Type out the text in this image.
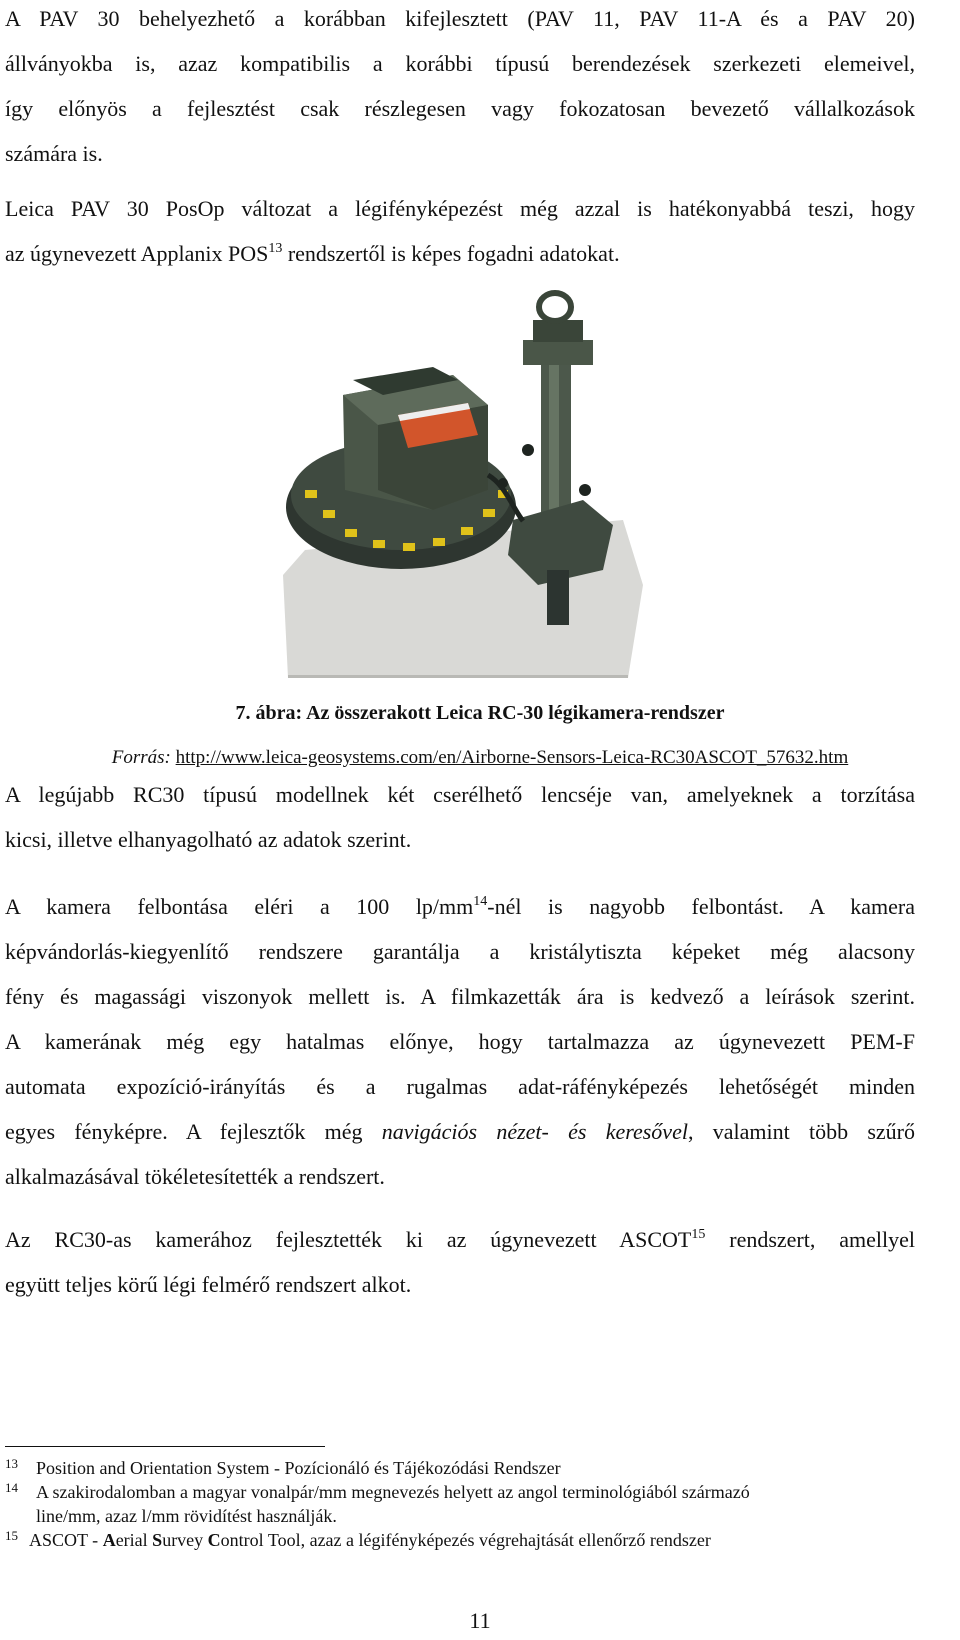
A PAV 30 behelyezhető a korábban kifejlesztett (PAV 11, PAV 11-A és a PAV 20)
állványokba is, azaz kompatibilis a korábbi típusú berendezések szerkezeti elemeivel,
így előnyös a fejlesztést csak részlegesen vagy fokozatosan bevezető vállalkozások
számára is.
Leica PAV 30 PosOp változat a légifényképezést még azzal is hatékonyabbá teszi, hogy
az úgynevezett Applanix POS$^{13}$ rendszertől is képes fogadni adatokat.

7. ábra: Az összerakott Leica RC-30 légikamera-rendszer

Forrás: http://www.leica-geosystems.com/en/Airborne-Sensors-Leica-RC30ASCOT_57632.htm

A legújabb RC30 típusú modellnek két cserélhető lencséje van, amelyeknek a torzítása
kicsi, illetve elhanyagolható az adatok szerint.
A kamera felbontása eléri a 100 $lp/mm^{14}$-nél is nagyobb felbontást. A kamera
képvándorlás-kiegyenlítő rendszere garantálja a kristálytiszta képeket még alacsony
fény és magassági viszonyok mellett is. A filmkazetták ára is kedvező a leírások szerint.
A kamerának még egy hatalmas előnye, hogy tartalmazza az úgynevezett PEM-F
automata expozíció-irányítás és a rugalmas adat-ráfényképezés lehetőségét minden
egyes fényképre. A fejlesztők még navigációs nézet- és keresővel, valamint több szűrő
alkalmazásával tökéletesítették a rendszert.
Az RC30-as kamerához fejlesztették ki az úgynevezett ASCOT$^{15}$ rendszert, amellyel
együtt teljes körű légi felmérő rendszert alkot.
13	Position and Orientation System - Pozícionáló és Tájékozódási Rendszer
14	A szakirodalomban a magyar vonalpár/mm megnevezés helyett az angol terminológiából származó
line/mm, azaz l/mm rövidítést használják.
15 ASCOT - Aerial Survey Control Tool, azaz a légifényképezés végrehajtását ellenőrző rendszer

11
